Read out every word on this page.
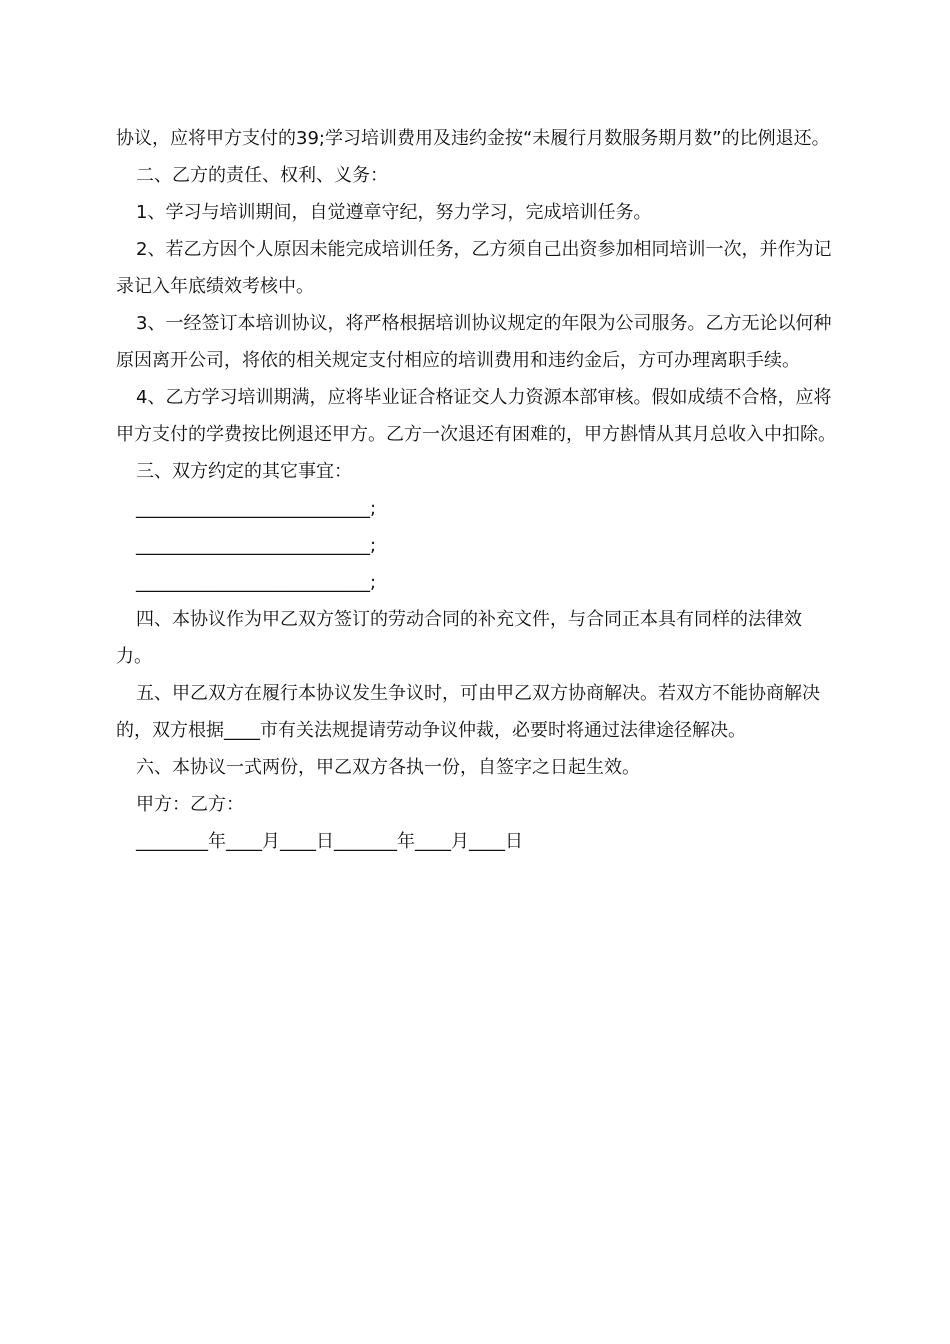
协议，应将甲方支付的39;学习培训费用及违约金按“未履行月数服务期月数”的比例退还。

二、乙方的责任、权利、义务：

1、学习与培训期间，自觉遵章守纪，努力学习，完成培训任务。

2、若乙方因个人原因未能完成培训任务，乙方须自己出资参加相同培训一次，并作为记录记入年底绩效考核中。

3、一经签订本培训协议，将严格根据培训协议规定的年限为公司服务。乙方无论以何种原因离开公司，将依的相关规定支付相应的培训费用和违约金后，方可办理离职手续。

4、乙方学习培训期满，应将毕业证合格证交人力资源本部审核。假如成绩不合格，应将甲方支付的学费按比例退还甲方。乙方一次退还有困难的，甲方斟情从其月总收入中扣除。

三、双方约定的其它事宜：

__________________________;

__________________________;

__________________________;

四、本协议作为甲乙双方签订的劳动合同的补充文件，与合同正本具有同样的法律效力。

五、甲乙双方在履行本协议发生争议时，可由甲乙双方协商解决。若双方不能协商解决的，双方根据____市有关法规提请劳动争议仲裁，必要时将通过法律途径解决。

六、本协议一式两份，甲乙双方各执一份，自签字之日起生效。

甲方：乙方：

________年____月____日_______年____月____日
